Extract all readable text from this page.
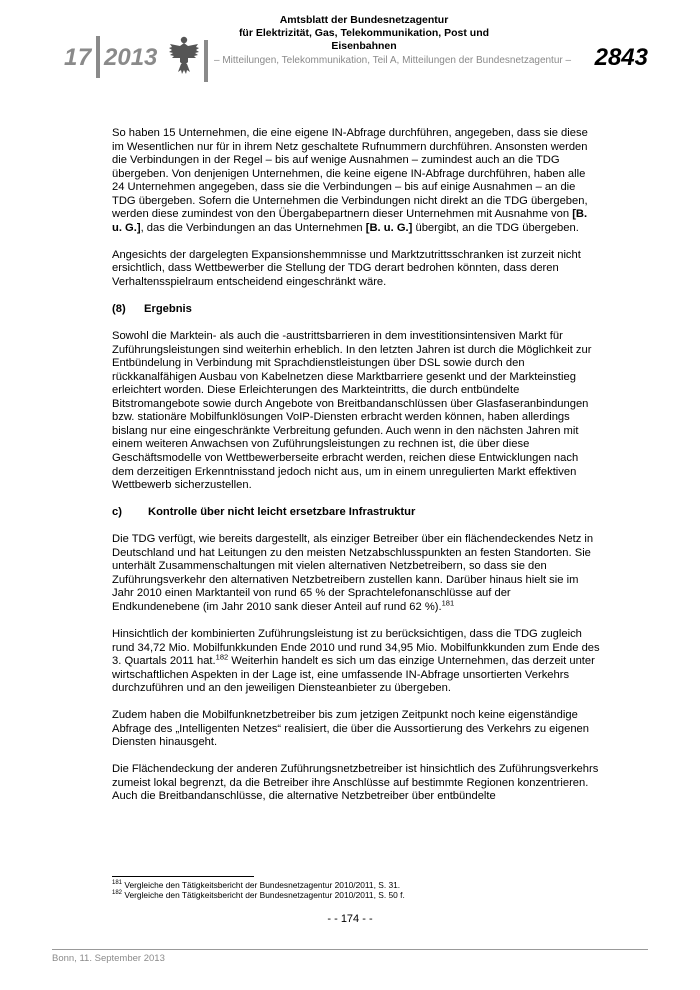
17 2013
Amtsblatt der Bundesnetzagentur
für Elektrizität, Gas, Telekommunikation, Post und Eisenbahnen
– Mitteilungen, Telekommunikation, Teil A, Mitteilungen der Bundesnetzagentur – 2843

So haben 15 Unternehmen, die eine eigene IN-Abfrage durchführen, angegeben, dass sie diese im Wesentlichen nur für in ihrem Netz geschaltete Rufnummern durchführen. Ansonsten werden die Verbindungen in der Regel – bis auf wenige Ausnahmen – zumindest auch an die TDG übergeben. Von denjenigen Unternehmen, die keine eigene IN-Abfrage durchführen, haben alle 24 Unternehmen angegeben, dass sie die Verbindungen – bis auf einige Ausnahmen – an die TDG übergeben. Sofern die Unternehmen die Verbindungen nicht direkt an die TDG übergeben, werden diese zumindest von den Übergabepartnern dieser Unternehmen mit Ausnahme von [B. u. G.], das die Verbindungen an das Unternehmen [B. u. G.] übergibt, an die TDG übergeben.

Angesichts der dargelegten Expansionshemmnisse und Marktzutrittsschranken ist zurzeit nicht ersichtlich, dass Wettbewerber die Stellung der TDG derart bedrohen könnten, dass deren Verhaltensspielraum entscheidend eingeschränkt wäre.

(8) Ergebnis

Sowohl die Marktein- als auch die -austrittsbarrieren in dem investitionsintensiven Markt für Zuführungsleistungen sind weiterhin erheblich. In den letzten Jahren ist durch die Möglichkeit zur Entbündelung in Verbindung mit Sprachdienstleistungen über DSL sowie durch den rückkanalfähigen Ausbau von Kabelnetzen diese Marktbarriere gesenkt und der Markteinstieg erleichtert worden. Diese Erleichterungen des Markteintritts, die durch entbündelte Bitstromangebote sowie durch Angebote von Breitbandanschlüssen über Glasfaseranbindungen bzw. stationäre Mobilfunklösungen VoIP-Diensten erbracht werden können, haben allerdings bislang nur eine eingeschränkte Verbreitung gefunden. Auch wenn in den nächsten Jahren mit einem weiteren Anwachsen von Zuführungsleistungen zu rechnen ist, die über diese Geschäftsmodelle von Wettbewerberseite erbracht werden, reichen diese Entwicklungen nach dem derzeitigen Erkenntnisstand jedoch nicht aus, um in einem unregulierten Markt effektiven Wettbewerb sicherzustellen.

c) Kontrolle über nicht leicht ersetzbare Infrastruktur

Die TDG verfügt, wie bereits dargestellt, als einziger Betreiber über ein flächendeckendes Netz in Deutschland und hat Leitungen zu den meisten Netzabschlusspunkten an festen Standorten. Sie unterhält Zusammenschaltungen mit vielen alternativen Netzbetreibern, so dass sie den Zuführungsverkehr den alternativen Netzbetreibern zustellen kann. Darüber hinaus hielt sie im Jahr 2010 einen Marktanteil von rund 65 % der Sprachtelefonanschlüsse auf der Endkundenebene (im Jahr 2010 sank dieser Anteil auf rund 62 %).$^{181}$

Hinsichtlich der kombinierten Zuführungsleistung ist zu berücksichtigen, dass die TDG zugleich rund 34,72 Mio. Mobilfunkkunden Ende 2010 und rund 34,95 Mio. Mobilfunkkunden zum Ende des 3. Quartals 2011 hat.$^{182}$ Weiterhin handelt es sich um das einzige Unternehmen, das derzeit unter wirtschaftlichen Aspekten in der Lage ist, eine umfassende IN-Abfrage unsortierten Verkehrs durchzuführen und an den jeweiligen Diensteanbieter zu übergeben.

Zudem haben die Mobilfunknetzbetreiber bis zum jetzigen Zeitpunkt noch keine eigenständige Abfrage des „Intelligenten Netzes“ realisiert, die über die Aussortierung des Verkehrs zu eigenen Diensten hinausgeht.

Die Flächendeckung der anderen Zuführungsnetzbetreiber ist hinsichtlich des Zuführungsverkehrs zumeist lokal begrenzt, da die Betreiber ihre Anschlüsse auf bestimmte Regionen konzentrieren. Auch die Breitbandanschlüsse, die alternative Netzbetreiber über entbündelte

$^{181}$ Vergleiche den Tätigkeitsbericht der Bundesnetzagentur 2010/2011, S. 31.
$^{182}$ Vergleiche den Tätigkeitsbericht der Bundesnetzagentur 2010/2011, S. 50 f.
- - 174 - -
Bonn, 11. September 2013
